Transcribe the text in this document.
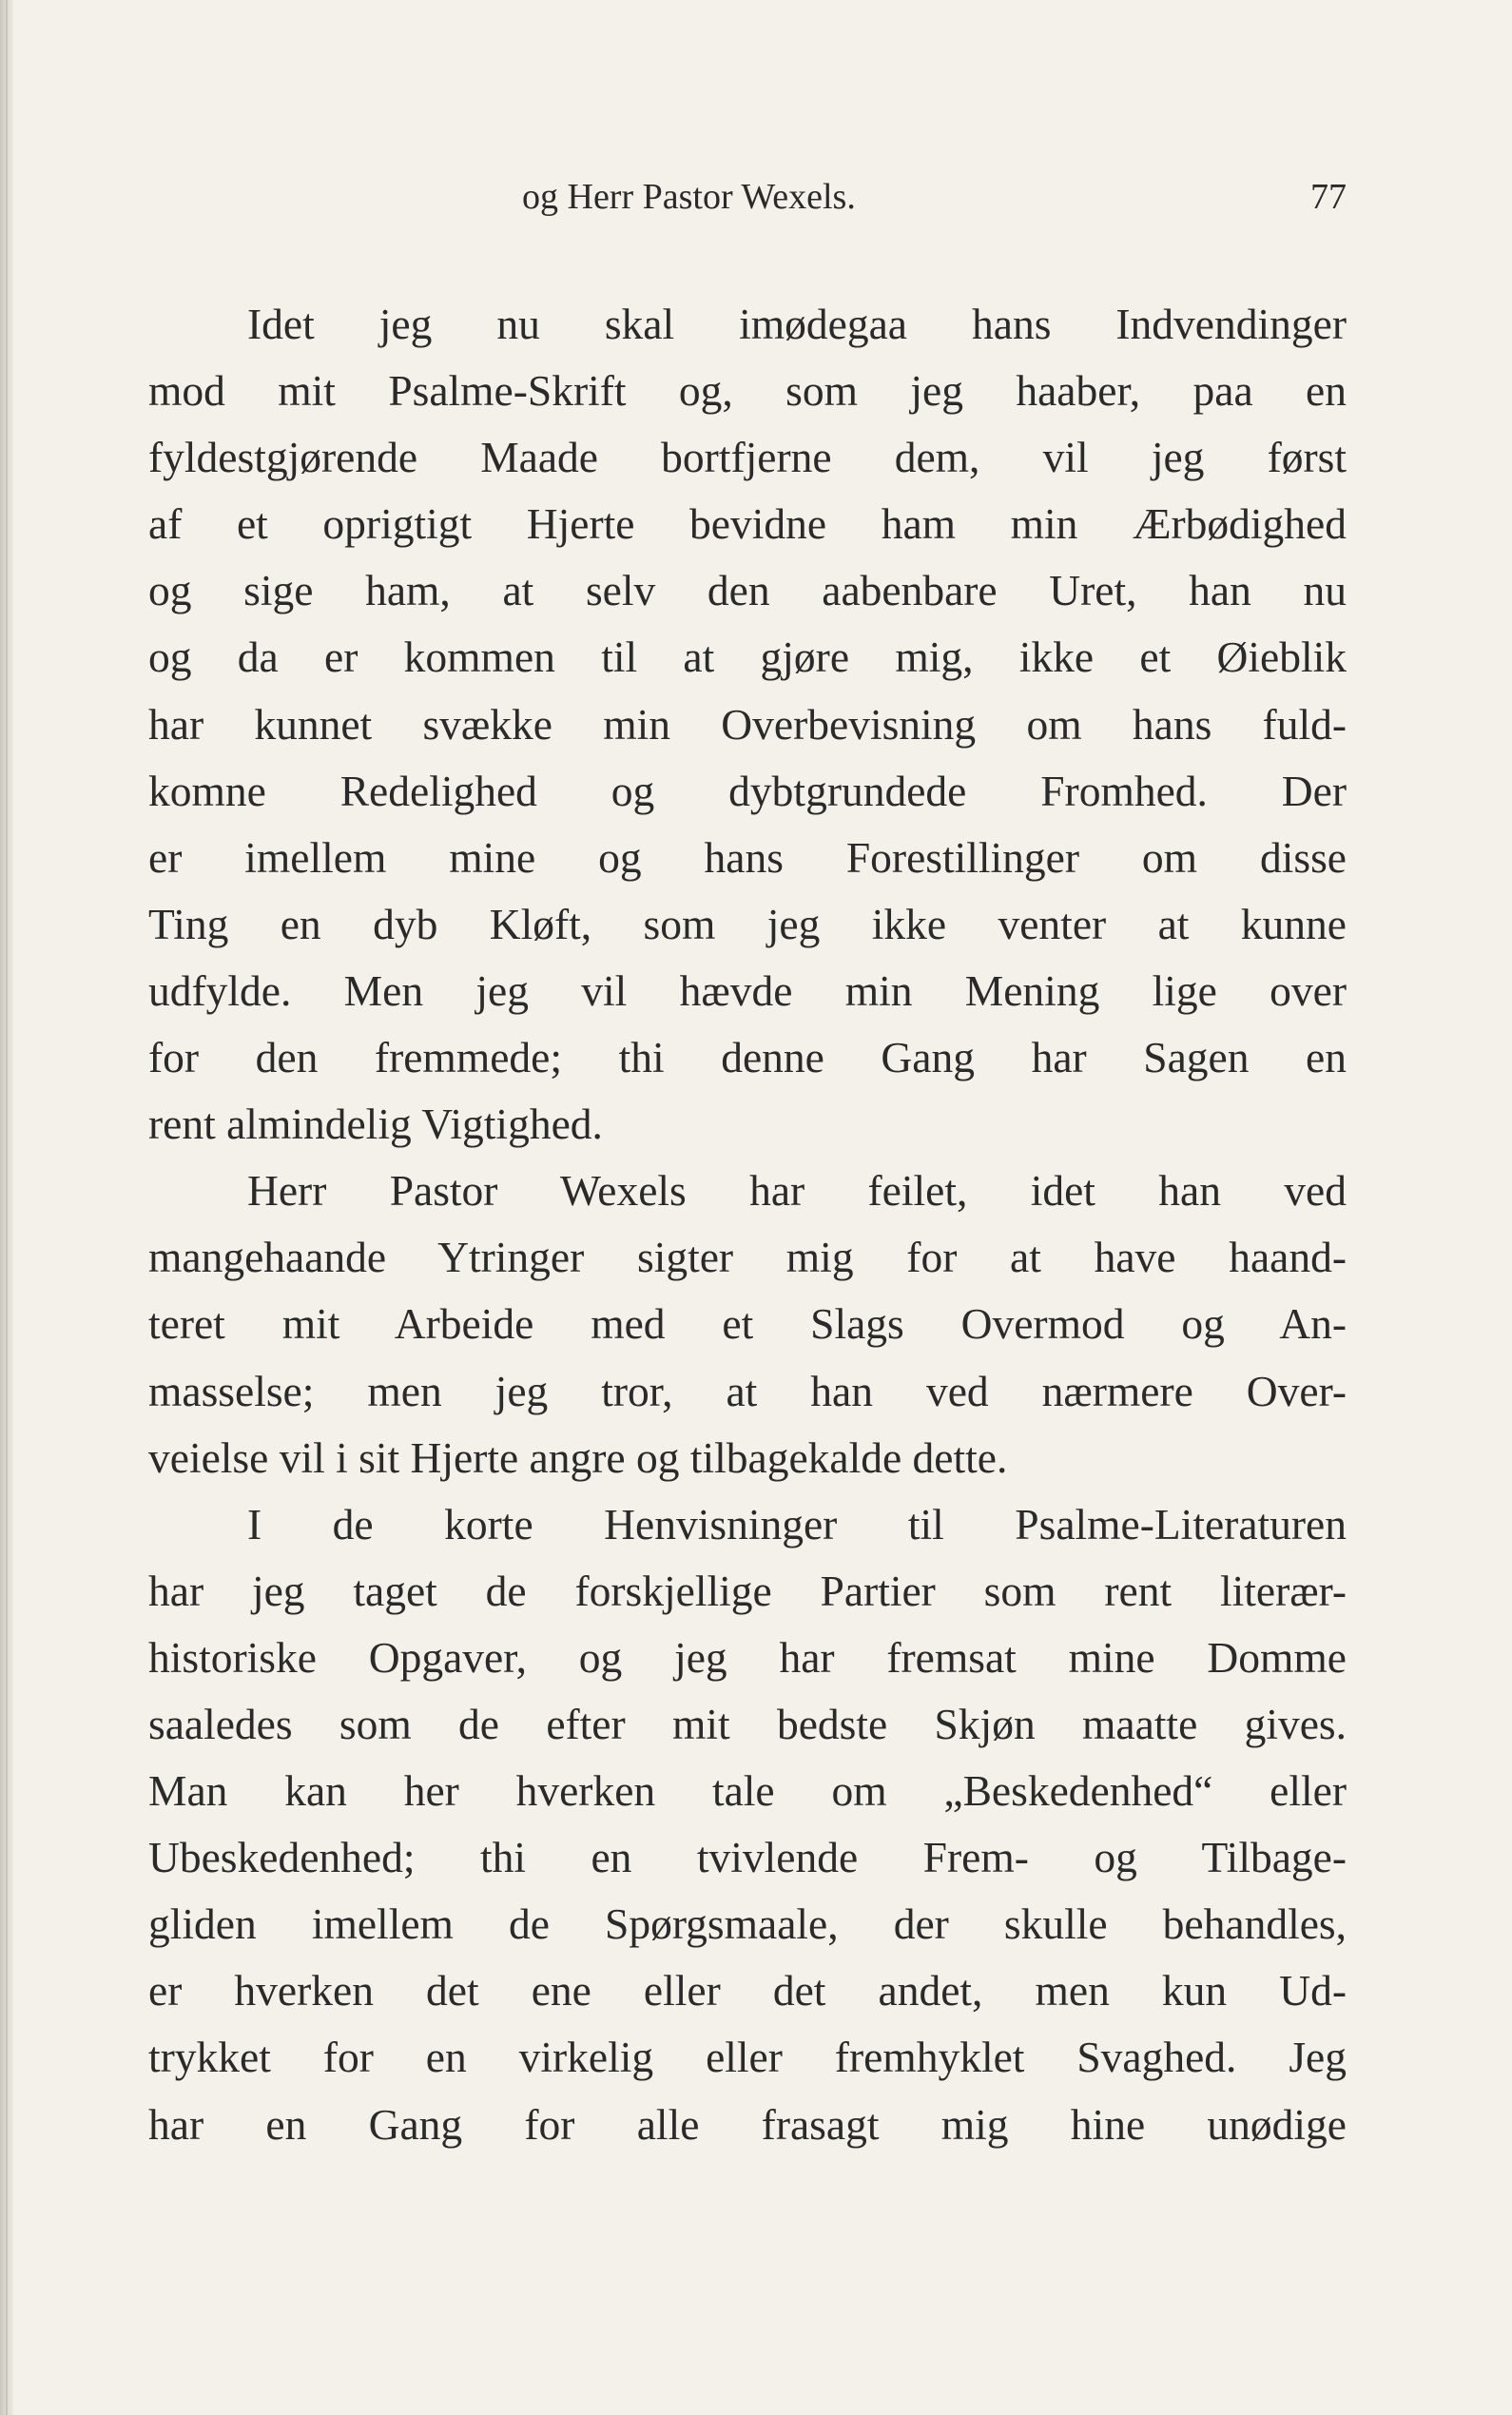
og Herr Pastor Wexels.	77
Idet jeg nu skal imødegaa hans Indvendinger
mod mit Psalme-Skrift og, som jeg haaber, paa en
fyldestgjørende Maade bortfjerne dem, vil jeg først
af et oprigtigt Hjerte bevidne ham min Ærbødighed
og sige ham, at selv den aabenbare Uret, han nu
og da er kommen til at gjøre mig, ikke et Øieblik
har kunnet svække min Overbevisning om hans fuld-
komne Redelighed og dybtgrundede Fromhed. Der
er imellem mine og hans Forestillinger om disse
Ting en dyb Kløft, som jeg ikke venter at kunne
udfylde. Men jeg vil hævde min Mening lige over
for den fremmede; thi denne Gang har Sagen en
rent almindelig Vigtighed.
Herr Pastor Wexels har feilet, idet han ved
mangehaande Ytringer sigter mig for at have haand-
teret mit Arbeide med et Slags Overmod og An-
masselse; men jeg tror, at han ved nærmere Over-
veielse vil i sit Hjerte angre og tilbagekalde dette.
I de korte Henvisninger til Psalme-Literaturen
har jeg taget de forskjellige Partier som rent literær-
historiske Opgaver, og jeg har fremsat mine Domme
saaledes som de efter mit bedste Skjøn maatte gives.
Man kan her hverken tale om „Beskedenhed“ eller
Ubeskedenhed; thi en tvivlende Frem- og Tilbage-
gliden imellem de Spørgsmaale, der skulle behandles,
er hverken det ene eller det andet, men kun Ud-
trykket for en virkelig eller fremhyklet Svaghed. Jeg
har en Gang for alle frasagt mig hine unødige
